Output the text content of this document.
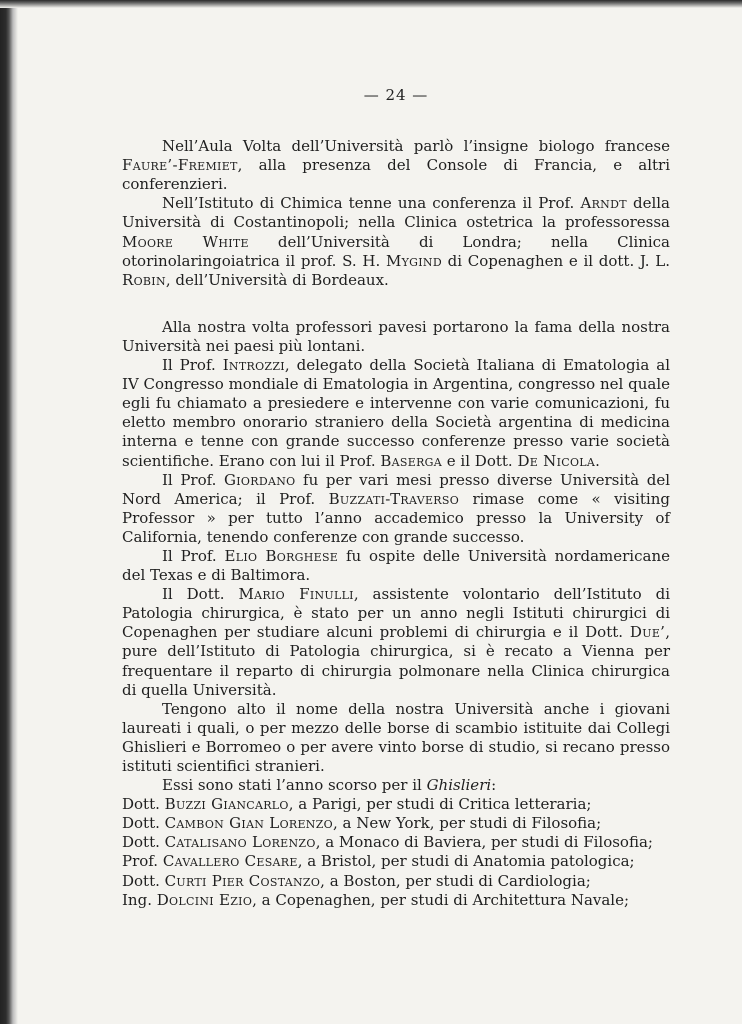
— 24 —

Nell’Aula Volta dell’Università parlò l’insigne biologo francese Faure’-Fremiet, alla presenza del Console di Francia, e altri conferenzieri.

Nell’Istituto di Chimica tenne una conferenza il Prof. Arndt della Università di Costantinopoli; nella Clinica ostetrica la professoressa Moore White dell’Università di Londra; nella Clinica otorinolaringoiatrica il prof. S. H. Mygind di Copenaghen e il dott. J. L. Robin, dell’Università di Bordeaux.

Alla nostra volta professori pavesi portarono la fama della nostra Università nei paesi più lontani.

Il Prof. Introzzi, delegato della Società Italiana di Ematologia al IV Congresso mondiale di Ematologia in Argentina, congresso nel quale egli fu chiamato a presiedere e intervenne con varie comunicazioni, fu eletto membro onorario straniero della Società argentina di medicina interna e tenne con grande successo conferenze presso varie società scientifiche. Erano con lui il Prof. Baserga e il Dott. De Nicola.

Il Prof. Giordano fu per vari mesi presso diverse Università del Nord America; il Prof. Buzzati-Traverso rimase come « visiting Professor » per tutto l’anno accademico presso la University of California, tenendo conferenze con grande successo.

Il Prof. Elio Borghese fu ospite delle Università nordamericane del Texas e di Baltimora.

Il Dott. Mario Finulli, assistente volontario dell’Istituto di Patologia chirurgica, è stato per un anno negli Istituti chirurgici di Copenaghen per studiare alcuni problemi di chirurgia e il Dott. Due’, pure dell’Istituto di Patologia chirurgica, si è recato a Vienna per frequentare il reparto di chirurgia polmonare nella Clinica chirurgica di quella Università.

Tengono alto il nome della nostra Università anche i giovani laureati i quali, o per mezzo delle borse di scambio istituite dai Collegi Ghislieri e Borromeo o per avere vinto borse di studio, si recano presso istituti scientifici stranieri.

Essi sono stati l’anno scorso per il Ghislieri:

Dott. Buzzi Giancarlo, a Parigi, per studi di Critica letteraria;
Dott. Cambon Gian Lorenzo, a New York, per studi di Filosofia;
Dott. Catalisano Lorenzo, a Monaco di Baviera, per studi di Filosofia;
Prof. Cavallero Cesare, a Bristol, per studi di Anatomia patologica;
Dott. Curti Pier Costanzo, a Boston, per studi di Cardiologia;
Ing. Dolcini Ezio, a Copenaghen, per studi di Architettura Navale;
